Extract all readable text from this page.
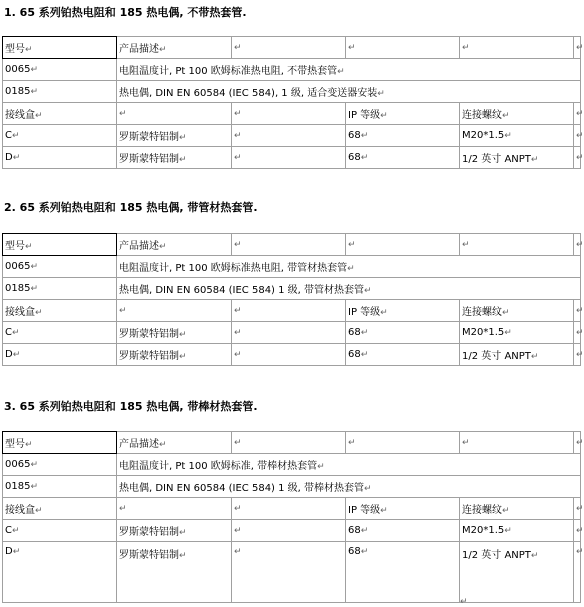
1. 65 系列铂热电阻和 185 热电偶, 不带热套管.
型号↵	产品描述↵	↵	↵	↵	↵
0065↵	电阻温度计, Pt 100 欧姆标准热电阻, 不带热套管↵				
0185↵	热电偶, DIN EN 60584 (IEC 584), 1 级, 适合变送器安装↵				
接线盒↵	↵	↵	IP 等级↵	连接螺纹↵	↵
C↵	罗斯蒙特铝制↵	↵	68↵	M20*1.5↵	↵
D↵	罗斯蒙特铝制↵	↵	68↵	1/2 英寸 ANPT↵	↵
2. 65 系列铂热电阻和 185 热电偶, 带管材热套管.
型号↵	产品描述↵	↵	↵	↵	↵
0065↵	电阻温度计, Pt 100 欧姆标准热电阻, 带管材热套管↵				
0185↵	热电偶, DIN EN 60584 (IEC 584) 1 级, 带管材热套管↵				
接线盒↵	↵	↵	IP 等级↵	连接螺纹↵	↵
C↵	罗斯蒙特铝制↵	↵	68↵	M20*1.5↵	↵
D↵	罗斯蒙特铝制↵	↵	68↵	1/2 英寸 ANPT↵	↵
3. 65 系列铂热电阻和 185 热电偶, 带棒材热套管.
型号↵	产品描述↵	↵	↵	↵	↵
0065↵	电阻温度计, Pt 100 欧姆标准, 带棒材热套管↵				
0185↵	热电偶, DIN EN 60584 (IEC 584) 1 级, 带棒材热套管↵				
接线盒↵	↵	↵	IP 等级↵	连接螺纹↵	↵
C↵	罗斯蒙特铝制↵	↵	68↵	M20*1.5↵	↵
D↵	罗斯蒙特铝制↵	↵	68↵	1/2 英寸 ANPT↵	↵
↵
